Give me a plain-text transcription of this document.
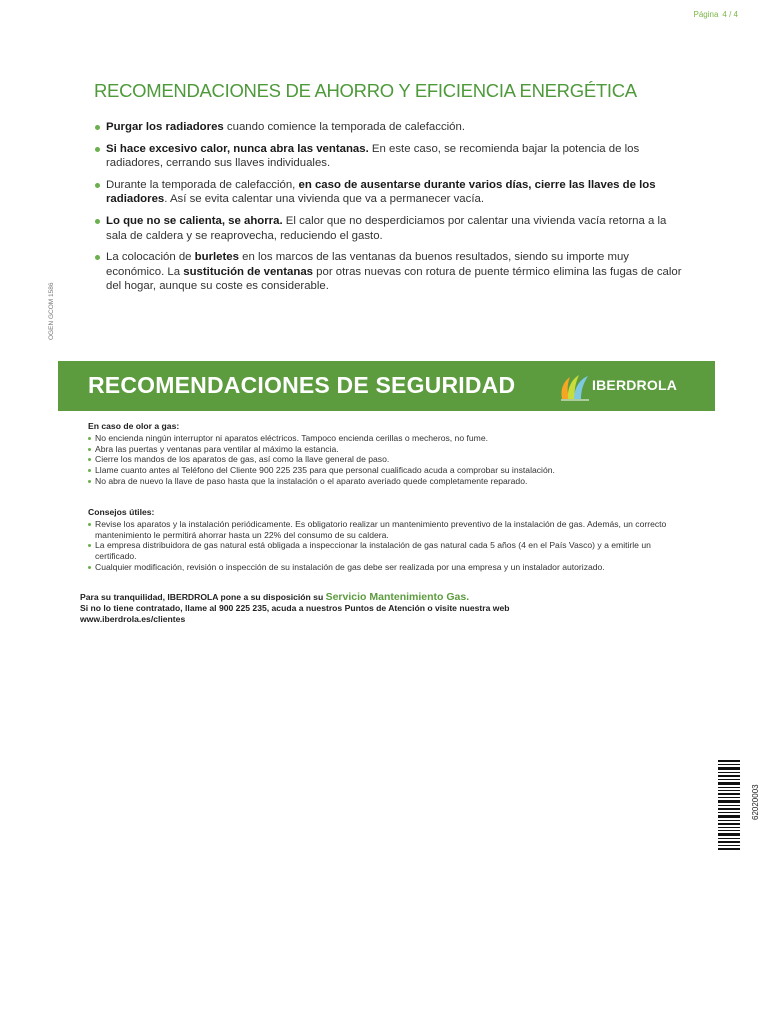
Página 4 / 4
RECOMENDACIONES DE AHORRO Y EFICIENCIA ENERGÉTICA
Purgar los radiadores cuando comience la temporada de calefacción.
Si hace excesivo calor, nunca abra las ventanas. En este caso, se recomienda bajar la potencia de los radiadores, cerrando sus llaves individuales.
Durante la temporada de calefacción, en caso de ausentarse durante varios días, cierre las llaves de los radiadores. Así se evita calentar una vivienda que va a permanecer vacía.
Lo que no se calienta, se ahorra. El calor que no desperdiciamos por calentar una vivienda vacía retorna a la sala de caldera y se reaprovecha, reduciendo el gasto.
La colocación de burletes en los marcos de las ventanas da buenos resultados, siendo su importe muy económico. La sustitución de ventanas por otras nuevas con rotura de puente térmico elimina las fugas de calor del hogar, aunque su coste es considerable.
OGEN GCOM 1586
RECOMENDACIONES DE SEGURIDAD	IBERDROLA
En caso de olor a gas:
No encienda ningún interruptor ni aparatos eléctricos. Tampoco encienda cerillas o mecheros, no fume.
Abra las puertas y ventanas para ventilar al máximo la estancia.
Cierre los mandos de los aparatos de gas, así como la llave general de paso.
Llame cuanto antes al Teléfono del Cliente 900 225 235 para que personal cualificado acuda a comprobar su instalación.
No abra de nuevo la llave de paso hasta que la instalación o el aparato averiado quede completamente reparado.
Consejos útiles:
Revise los aparatos y la instalación periódicamente. Es obligatorio realizar un mantenimiento preventivo de la instalación de gas. Además, un correcto mantenimiento le permitirá ahorrar hasta un 22% del consumo de su caldera.
La empresa distribuidora de gas natural está obligada a inspeccionar la instalación de gas natural cada 5 años (4 en el País Vasco) y a emitirle un certificado.
Cualquier modificación, revisión o inspección de su instalación de gas debe ser realizada por una empresa y un instalador autorizado.
Para su tranquilidad, IBERDROLA pone a su disposición su Servicio Mantenimiento Gas.
Si no lo tiene contratado, llame al 900 225 235, acuda a nuestros Puntos de Atención o visite nuestra web
www.iberdrola.es/clientes
62020003
